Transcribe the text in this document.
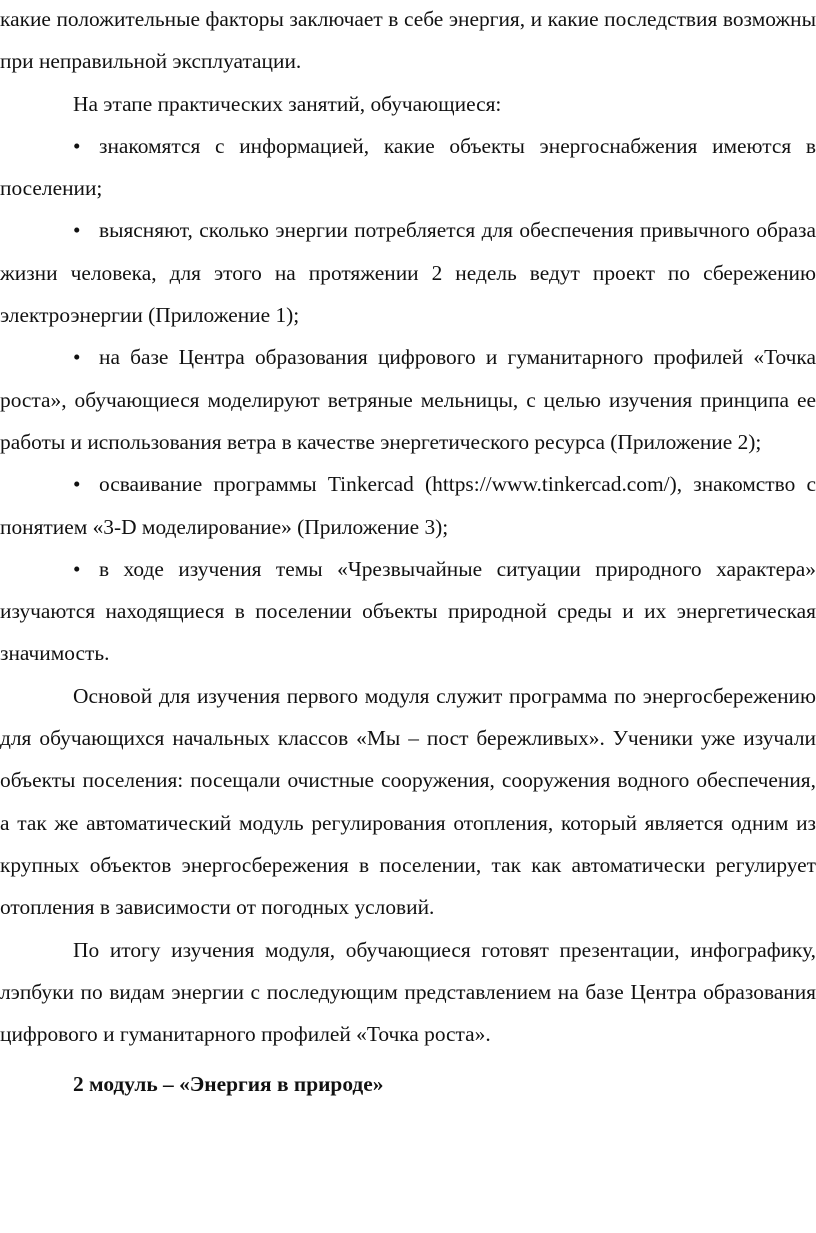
какие положительные факторы заключает в себе энергия, и какие последствия возможны при неправильной эксплуатации.

На этапе практических занятий, обучающиеся:

• знакомятся с информацией, какие объекты энергоснабжения имеются в поселении;

• выясняют, сколько энергии потребляется для обеспечения привычного образа жизни человека, для этого на протяжении 2 недель ведут проект по сбережению электроэнергии (Приложение 1);

• на базе Центра образования цифрового и гуманитарного профилей «Точка роста», обучающиеся моделируют ветряные мельницы, с целью изучения принципа ее работы и использования ветра в качестве энергетического ресурса (Приложение 2);

• осваивание программы Tinkercad (https://www.tinkercad.com/), знакомство с понятием «3-D моделирование» (Приложение 3);

• в ходе изучения темы «Чрезвычайные ситуации природного характера» изучаются находящиеся в поселении объекты природной среды и их энергетическая значимость.

Основой для изучения первого модуля служит программа по энергосбережению для обучающихся начальных классов «Мы – пост бережливых». Ученики уже изучали объекты поселения: посещали очистные сооружения, сооружения водного обеспечения, а так же автоматический модуль регулирования отопления, который является одним из крупных объектов энергосбережения в поселении, так как автоматически регулирует отопления в зависимости от погодных условий.

По итогу изучения модуля, обучающиеся готовят презентации, инфографику, лэпбуки по видам энергии с последующим представлением на базе Центра образования цифрового и гуманитарного профилей «Точка роста».

2 модуль – «Энергия в природе»
